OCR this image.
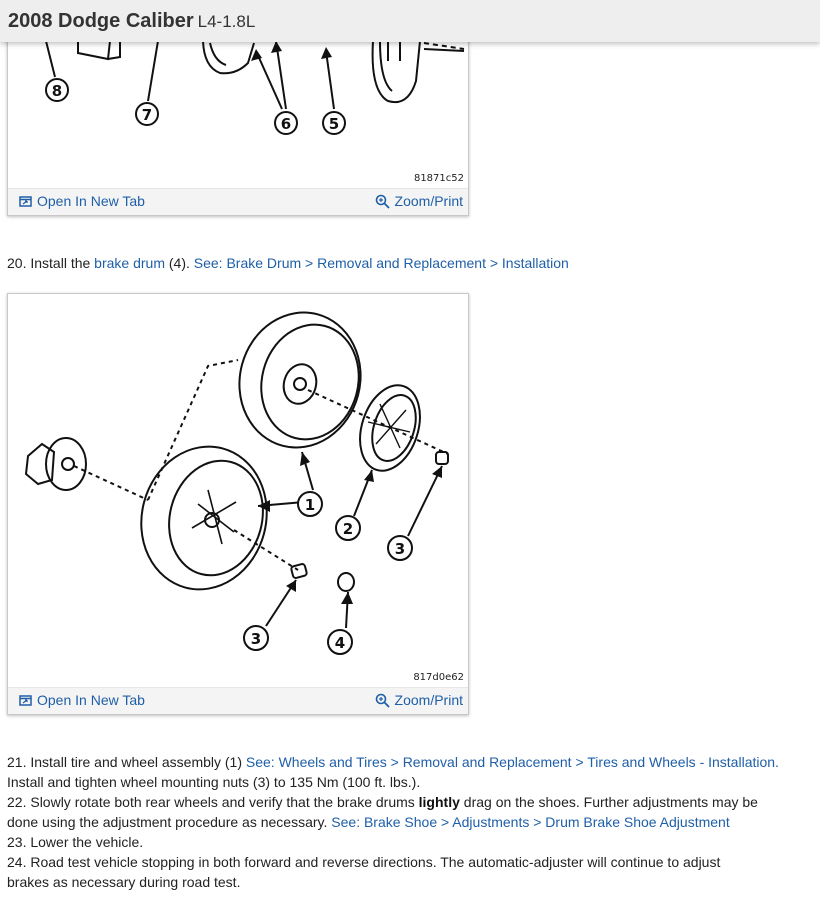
2008 Dodge Caliber L4-1.8L
8
7	6	5
81871c52
Open In New Tab	Zoom/Print
20. Install the brake drum (4). See: Brake Drum > Removal and Replacement > Installation
1
2
3
3	4
817d0e62
Open In New Tab	Zoom/Print
21. Install tire and wheel assembly (1) See: Wheels and Tires > Removal and Replacement > Tires and Wheels - Installation.
Install and tighten wheel mounting nuts (3) to 135 Nm (100 ft. lbs.).
22. Slowly rotate both rear wheels and verify that the brake drums lightly drag on the shoes. Further adjustments may be
done using the adjustment procedure as necessary. See: Brake Shoe > Adjustments > Drum Brake Shoe Adjustment
23. Lower the vehicle.
24. Road test vehicle stopping in both forward and reverse directions. The automatic-adjuster will continue to adjust
brakes as necessary during road test.
